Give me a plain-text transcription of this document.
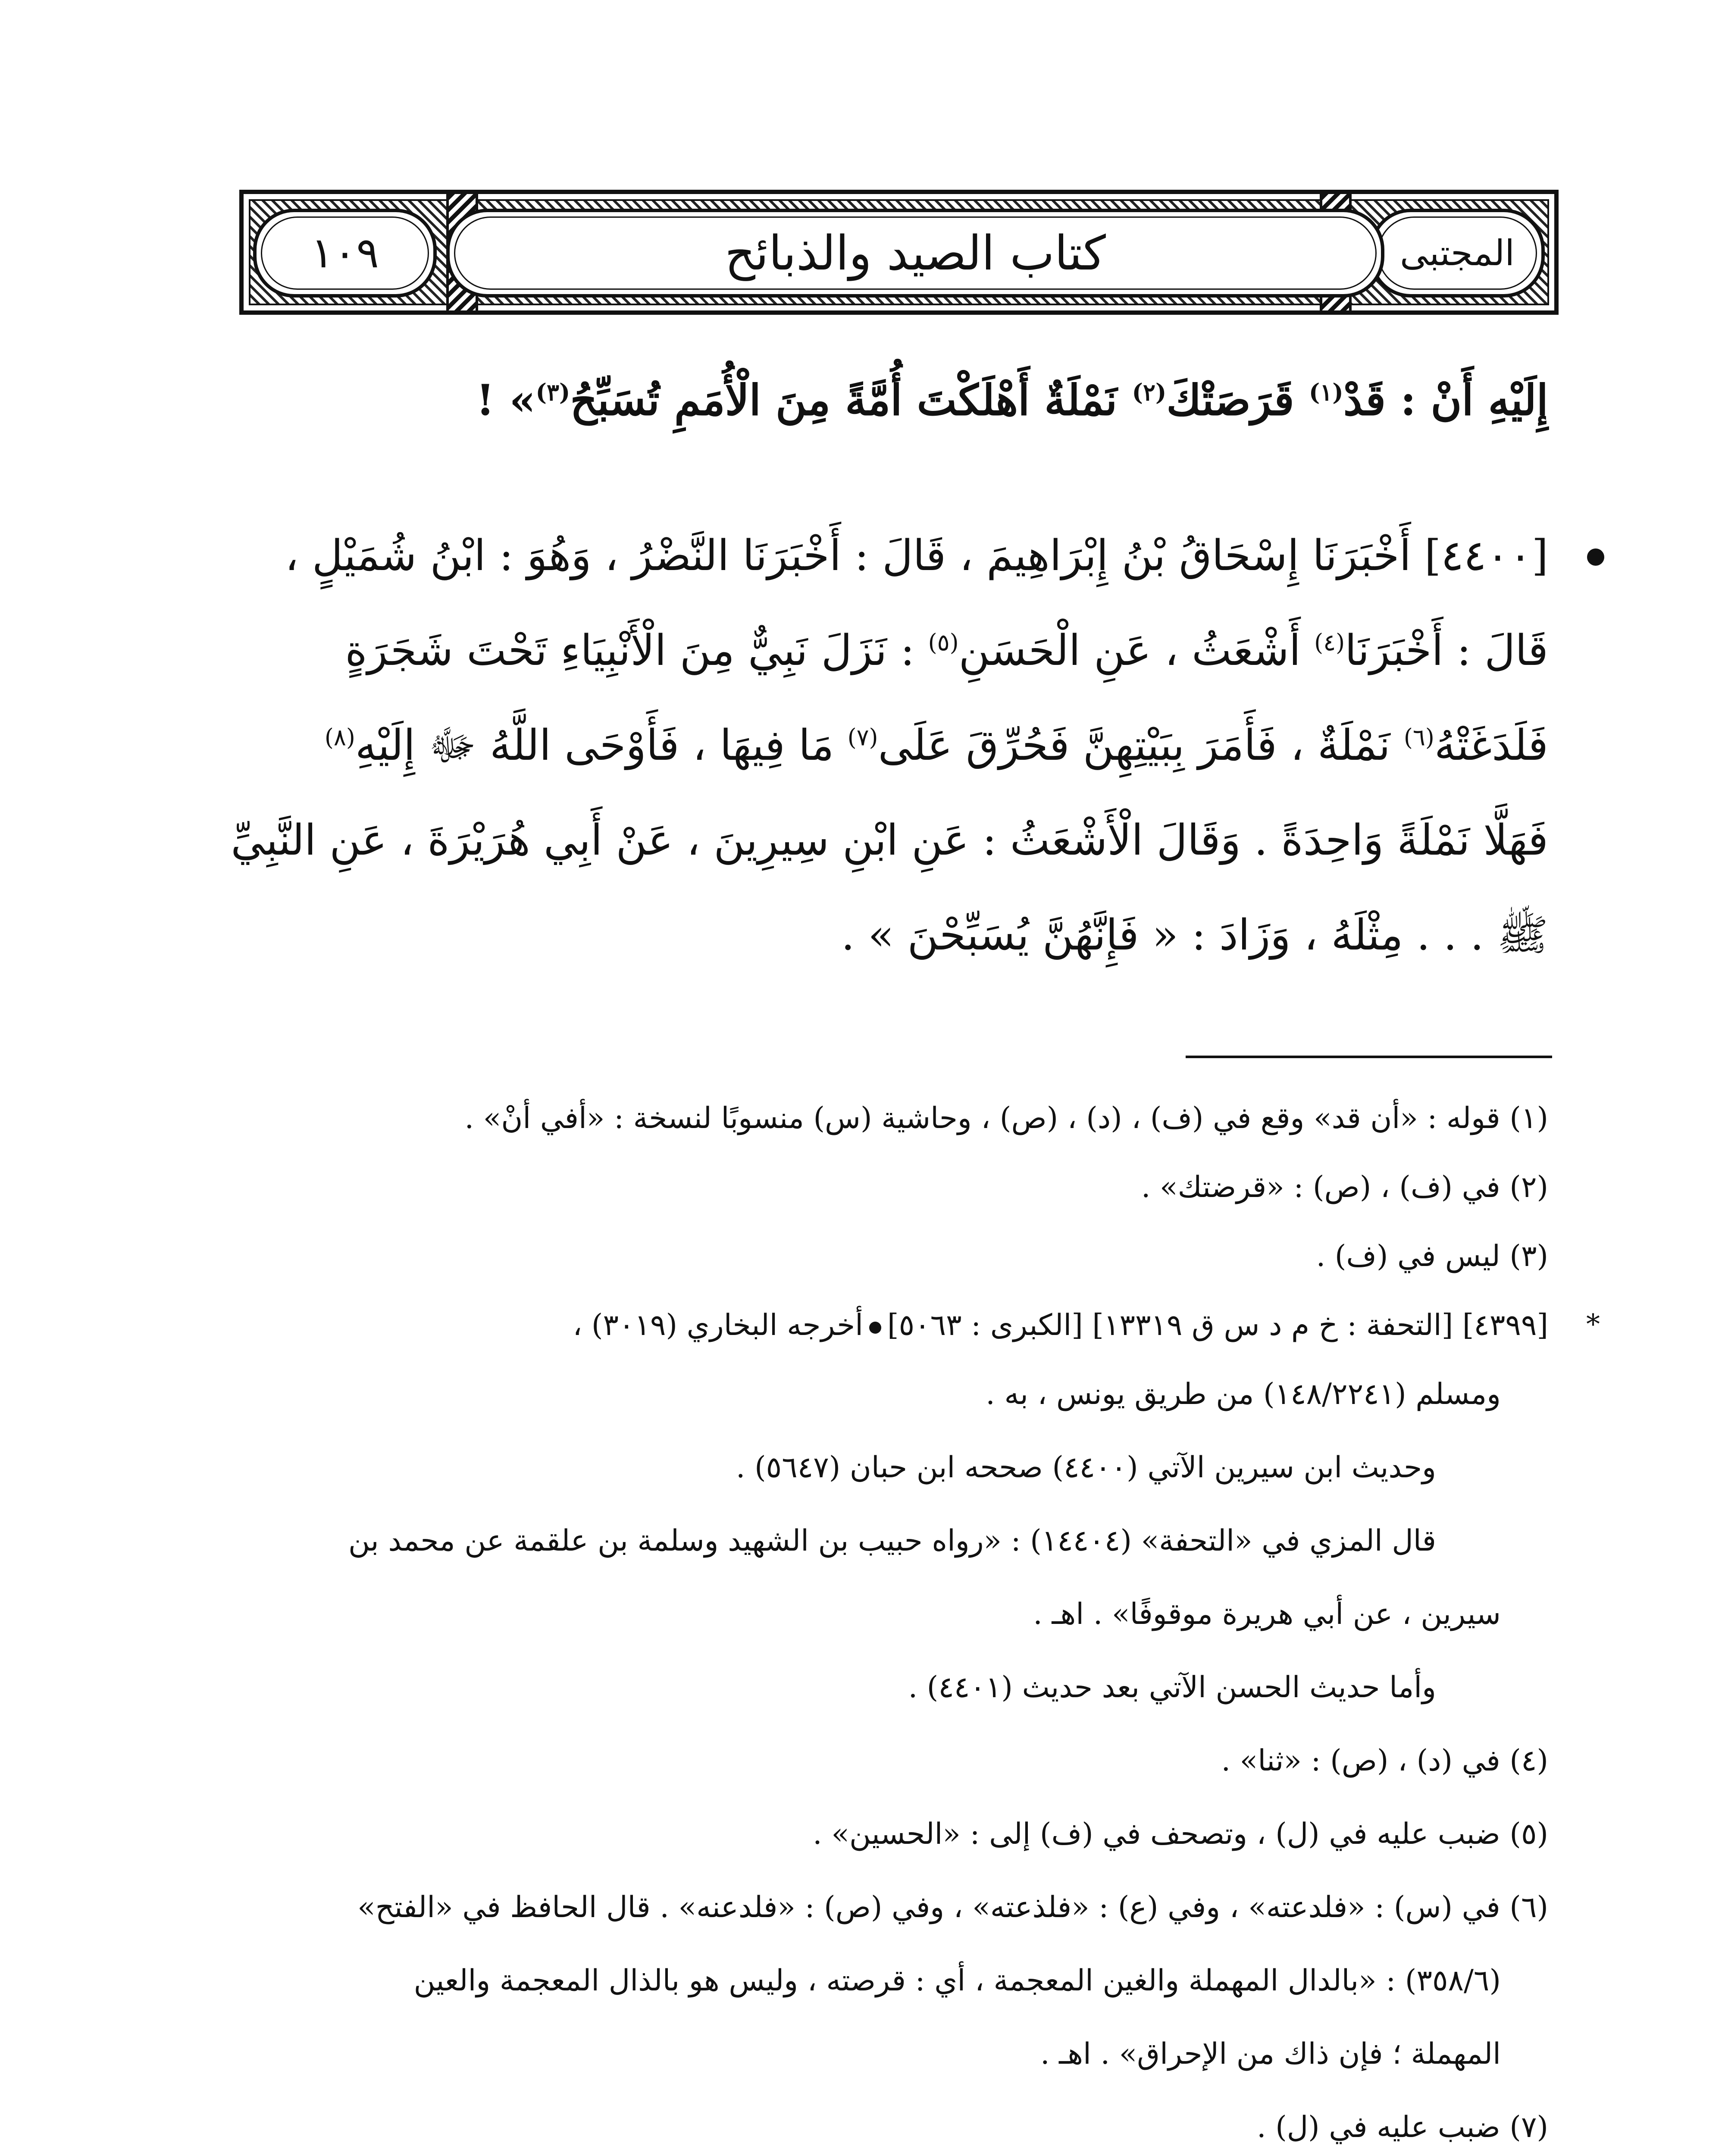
المجتبى
كتاب الصيد والذبائح
١٠٩
إِلَيْهِ أَنْ : قَدْ$^{(١)}$ قَرَصَتْكَ$^{(٢)}$ نَمْلَةٌ أَهْلَكْتَ أُمَّةً مِنَ الْأُمَمِ تُسَبِّحُ$^{(٣)}$» !
[٤٤٠٠] أَخْبَرَنَا إِسْحَاقُ بْنُ إِبْرَاهِيمَ ، قَالَ : أَخْبَرَنَا النَّضْرُ ، وَهُوَ : ابْنُ شُمَيْلٍ ،
قَالَ : أَخْبَرَنَا$^{(٤)}$ أَشْعَثُ ، عَنِ الْحَسَنِ$^{(٥)}$ : نَزَلَ نَبِيٌّ مِنَ الْأَنْبِيَاءِ تَحْتَ شَجَرَةٍ
فَلَدَغَتْهُ$^{(٦)}$ نَمْلَةٌ ، فَأَمَرَ بِبَيْتِهِنَّ فَحُرِّقَ عَلَى$^{(٧)}$ مَا فِيهَا ، فَأَوْحَى اللَّهُ ﷻ إِلَيْهِ$^{(٨)}$
فَهَلَّا نَمْلَةً وَاحِدَةً . وَقَالَ الْأَشْعَثُ : عَنِ ابْنِ سِيرِينَ ، عَنْ أَبِي هُرَيْرَةَ ، عَنِ النَّبِيِّ
ﷺ . . . مِثْلَهُ ، وَزَادَ : « فَإِنَّهُنَّ يُسَبِّحْنَ » .
(١) قوله : «أن قد» وقع في (ف) ، (د) ، (ص) ، وحاشية (س) منسوبًا لنسخة : «أفي أنْ» .
(٢) في (ف) ، (ص) : «قرضتك» .
(٣) ليس في (ف) .
*
[٤٣٩٩] [التحفة : خ م د س ق ١٣٣١٩] [الكبرى : ٥٠٦٣]أخرجه البخاري (٣٠١٩) ،
ومسلم (١٤٨/٢٢٤١) من طريق يونس ، به .
وحديث ابن سيرين الآتي (٤٤٠٠) صححه ابن حبان (٥٦٤٧) .
قال المزي في «التحفة» (١٤٤٠٤) : «رواه حبيب بن الشهيد وسلمة بن علقمة عن محمد بن
سيرين ، عن أبي هريرة موقوفًا» . اهـ .
وأما حديث الحسن الآتي بعد حديث (٤٤٠١) .
(٤) في (د) ، (ص) : «ثنا» .
(٥) ضبب عليه في (ل) ، وتصحف في (ف) إلى : «الحسين» .
(٦) في (س) : «فلدعته» ، وفي (ع) : «فلذعته» ، وفي (ص) : «فلدعنه» . قال الحافظ في «الفتح»
(٣٥٨/٦) : «بالدال المهملة والغين المعجمة ، أي : قرصته ، وليس هو بالذال المعجمة والعين
المهملة ؛ فإن ذاك من الإحراق» . اهـ .
(٧) ضبب عليه في (ل) .
